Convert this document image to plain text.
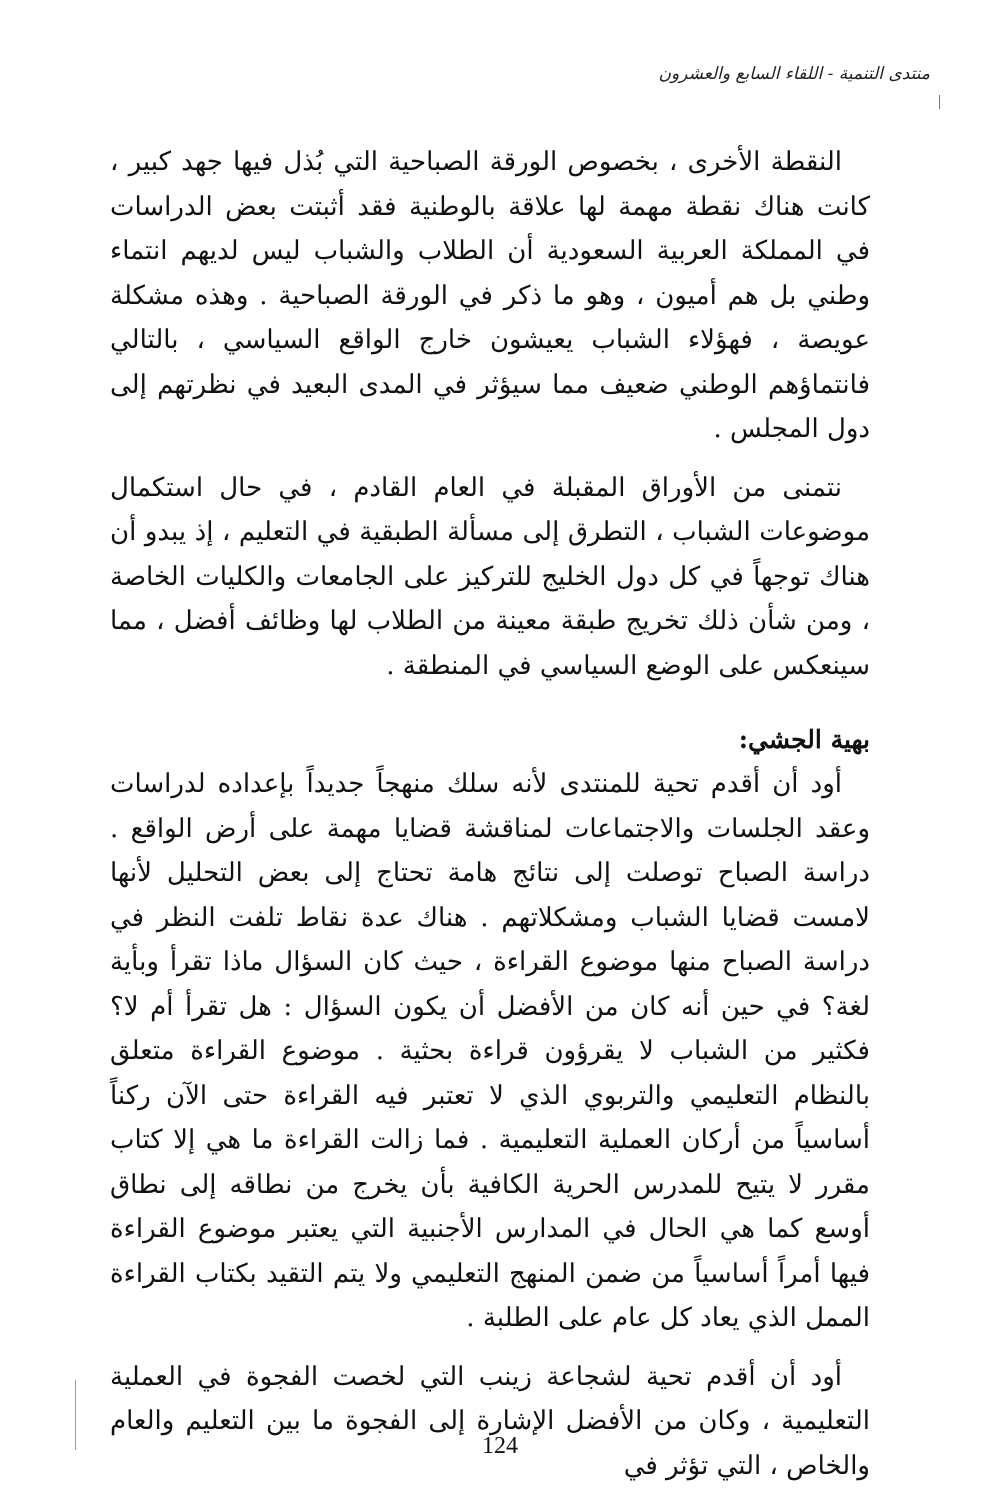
منتدى التنمية - اللقاء السابع والعشرون

النقطة الأخرى ، بخصوص الورقة الصباحية التي بُذل فيها جهد كبير ، كانت هناك نقطة مهمة لها علاقة بالوطنية فقد أثبتت بعض الدراسات في المملكة العربية السعودية أن الطلاب والشباب ليس لديهم انتماء وطني بل هم أميون ، وهو ما ذكر في الورقة الصباحية . وهذه مشكلة عويصة ، فهؤلاء الشباب يعيشون خارج الواقع السياسي ، بالتالي فانتماؤهم الوطني ضعيف مما سيؤثر في المدى البعيد في نظرتهم إلى دول المجلس .

نتمنى من الأوراق المقبلة في العام القادم ، في حال استكمال موضوعات الشباب ، التطرق إلى مسألة الطبقية في التعليم ، إذ يبدو أن هناك توجهاً في كل دول الخليج للتركيز على الجامعات والكليات الخاصة ، ومن شأن ذلك تخريج طبقة معينة من الطلاب لها وظائف أفضل ، مما سينعكس على الوضع السياسي في المنطقة .

بهية الجشي:

أود أن أقدم تحية للمنتدى لأنه سلك منهجاً جديداً بإعداده لدراسات وعقد الجلسات والاجتماعات لمناقشة قضايا مهمة على أرض الواقع . دراسة الصباح توصلت إلى نتائج هامة تحتاج إلى بعض التحليل لأنها لامست قضايا الشباب ومشكلاتهم . هناك عدة نقاط تلفت النظر في دراسة الصباح منها موضوع القراءة ، حيث كان السؤال ماذا تقرأ وبأية لغة؟ في حين أنه كان من الأفضل أن يكون السؤال : هل تقرأ أم لا؟ فكثير من الشباب لا يقرؤون قراءة بحثية . موضوع القراءة متعلق بالنظام التعليمي والتربوي الذي لا تعتبر فيه القراءة حتى الآن ركناً أساسياً من أركان العملية التعليمية . فما زالت القراءة ما هي إلا كتاب مقرر لا يتيح للمدرس الحرية الكافية بأن يخرج من نطاقه إلى نطاق أوسع كما هي الحال في المدارس الأجنبية التي يعتبر موضوع القراءة فيها أمراً أساسياً من ضمن المنهج التعليمي ولا يتم التقيد بكتاب القراءة الممل الذي يعاد كل عام على الطلبة .

أود أن أقدم تحية لشجاعة زينب التي لخصت الفجوة في العملية التعليمية ، وكان من الأفضل الإشارة إلى الفجوة ما بين التعليم والعام والخاص ، التي تؤثر في

124
